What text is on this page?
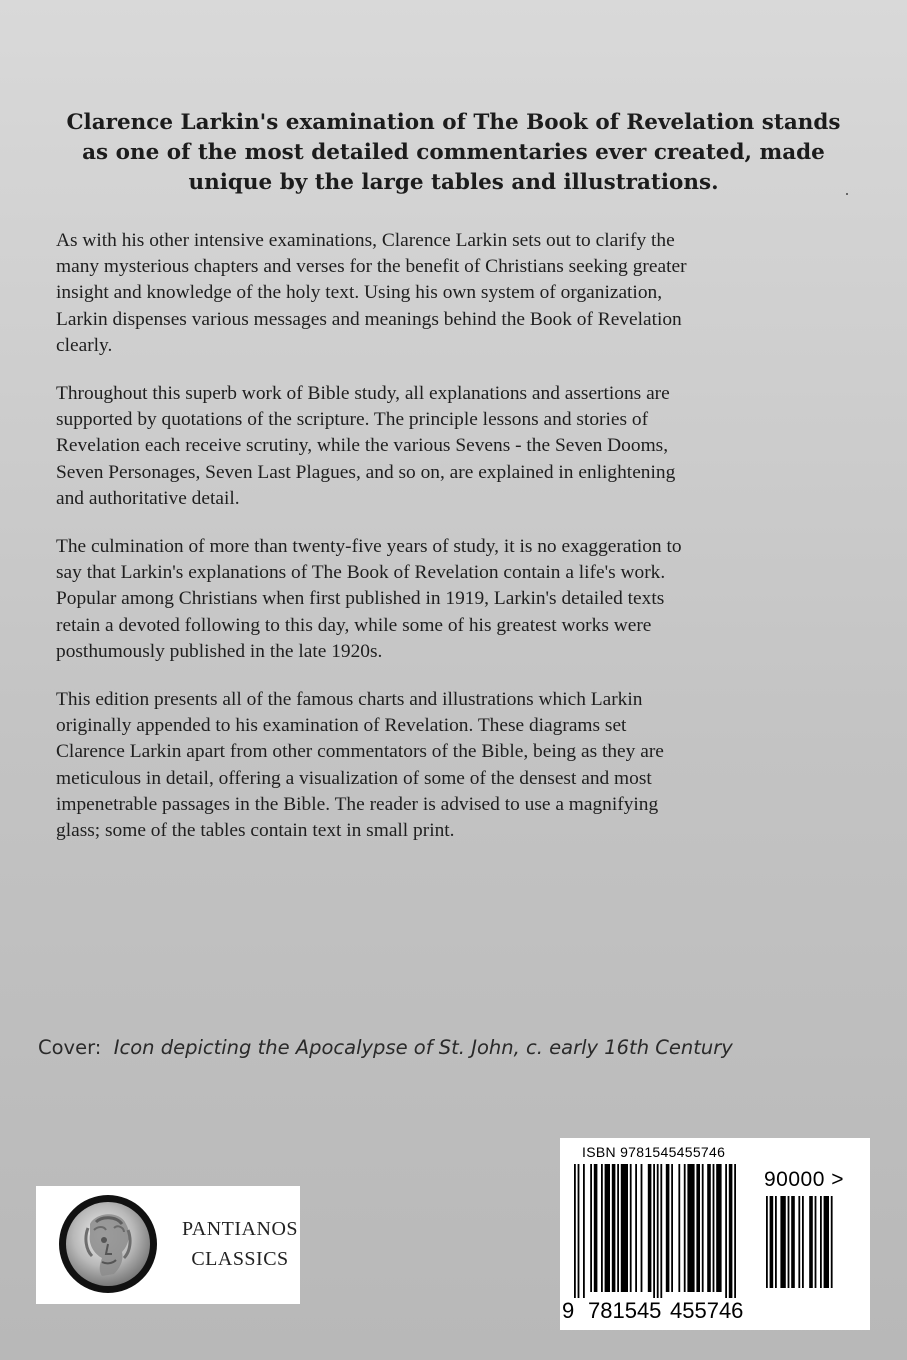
Clarence Larkin's examination of The Book of Revelation stands
as one of the most detailed commentaries ever created, made
unique by the large tables and illustrations.

As with his other intensive examinations, Clarence Larkin sets out to clarify the
many mysterious chapters and verses for the benefit of Christians seeking greater
insight and knowledge of the holy text. Using his own system of organization,
Larkin dispenses various messages and meanings behind the Book of Revelation
clearly.

Throughout this superb work of Bible study, all explanations and assertions are
supported by quotations of the scripture. The principle lessons and stories of
Revelation each receive scrutiny, while the various Sevens - the Seven Dooms,
Seven Personages, Seven Last Plagues, and so on, are explained in enlightening
and authoritative detail.

The culmination of more than twenty-five years of study, it is no exaggeration to
say that Larkin's explanations of The Book of Revelation contain a life's work.
Popular among Christians when first published in 1919, Larkin's detailed texts
retain a devoted following to this day, while some of his greatest works were
posthumously published in the late 1920s.

This edition presents all of the famous charts and illustrations which Larkin
originally appended to his examination of Revelation. These diagrams set
Clarence Larkin apart from other commentators of the Bible, being as they are
meticulous in detail, offering a visualization of some of the densest and most
impenetrable passages in the Bible. The reader is advised to use a magnifying
glass; some of the tables contain text in small print.

Cover: Icon depicting the Apocalypse of St. John, c. early 16th Century
PANTIANOS
CLASSICS
ISBN 9781545455746
90000 >
9 781545 455746
